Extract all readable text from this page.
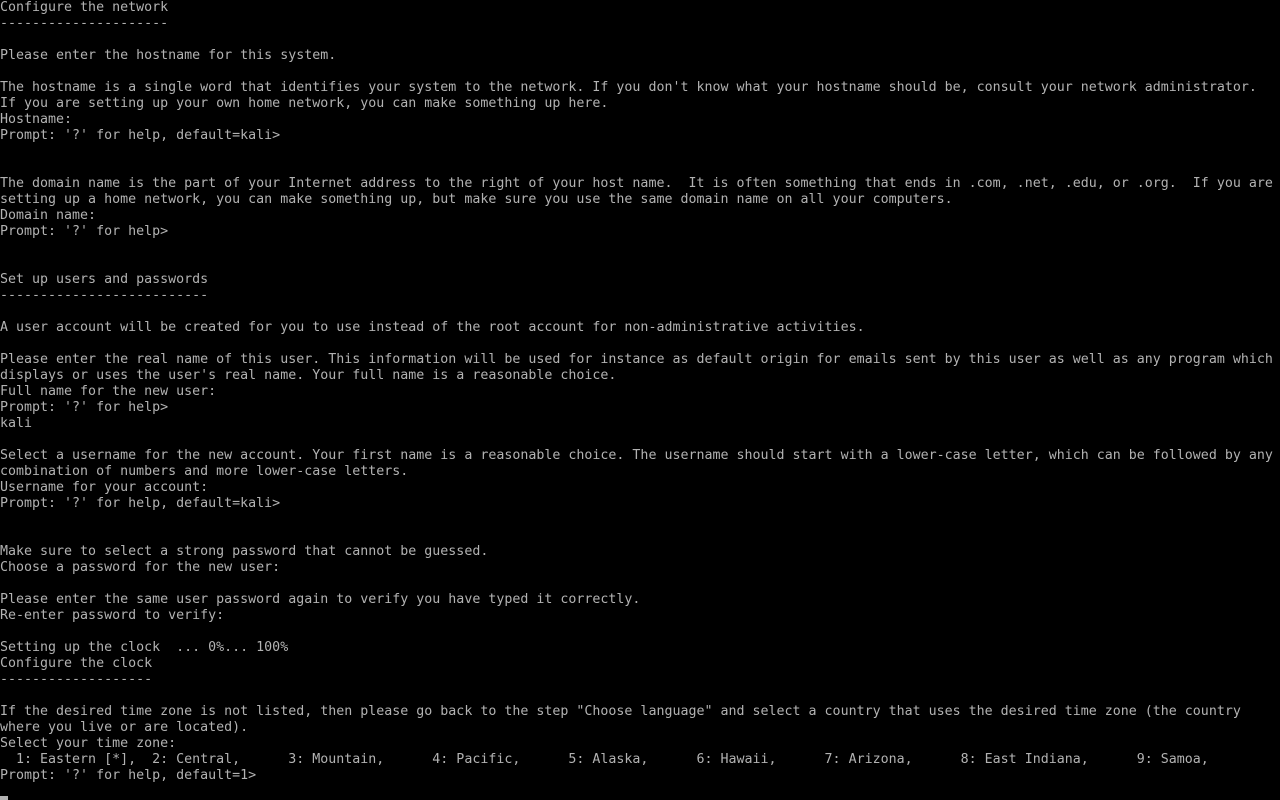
Configure the network
---------------------
Please enter the hostname for this system.
The hostname is a single word that identifies your system to the network. If you don't know what your hostname should be, consult your network administrator.
If you are setting up your own home network, you can make something up here.
Hostname:
Prompt: '?' for help, default=kali>
The domain name is the part of your Internet address to the right of your host name.  It is often something that ends in .com, .net, .edu, or .org.  If you are
setting up a home network, you can make something up, but make sure you use the same domain name on all your computers.
Domain name:
Prompt: '?' for help>
Set up users and passwords
--------------------------
A user account will be created for you to use instead of the root account for non-administrative activities.
Please enter the real name of this user. This information will be used for instance as default origin for emails sent by this user as well as any program which
displays or uses the user's real name. Your full name is a reasonable choice.
Full name for the new user:
Prompt: '?' for help>
kali
Select a username for the new account. Your first name is a reasonable choice. The username should start with a lower-case letter, which can be followed by any
combination of numbers and more lower-case letters.
Username for your account:
Prompt: '?' for help, default=kali>
Make sure to select a strong password that cannot be guessed.
Choose a password for the new user:
Please enter the same user password again to verify you have typed it correctly.
Re-enter password to verify:
Setting up the clock  ... 0%... 100%
Configure the clock
-------------------
If the desired time zone is not listed, then please go back to the step "Choose language" and select a country that uses the desired time zone (the country
where you live or are located).
Select your time zone:
1: Eastern [*],  2: Central,      3: Mountain,      4: Pacific,      5: Alaska,      6: Hawaii,      7: Arizona,      8: East Indiana,      9: Samoa,
Prompt: '?' for help, default=1>
